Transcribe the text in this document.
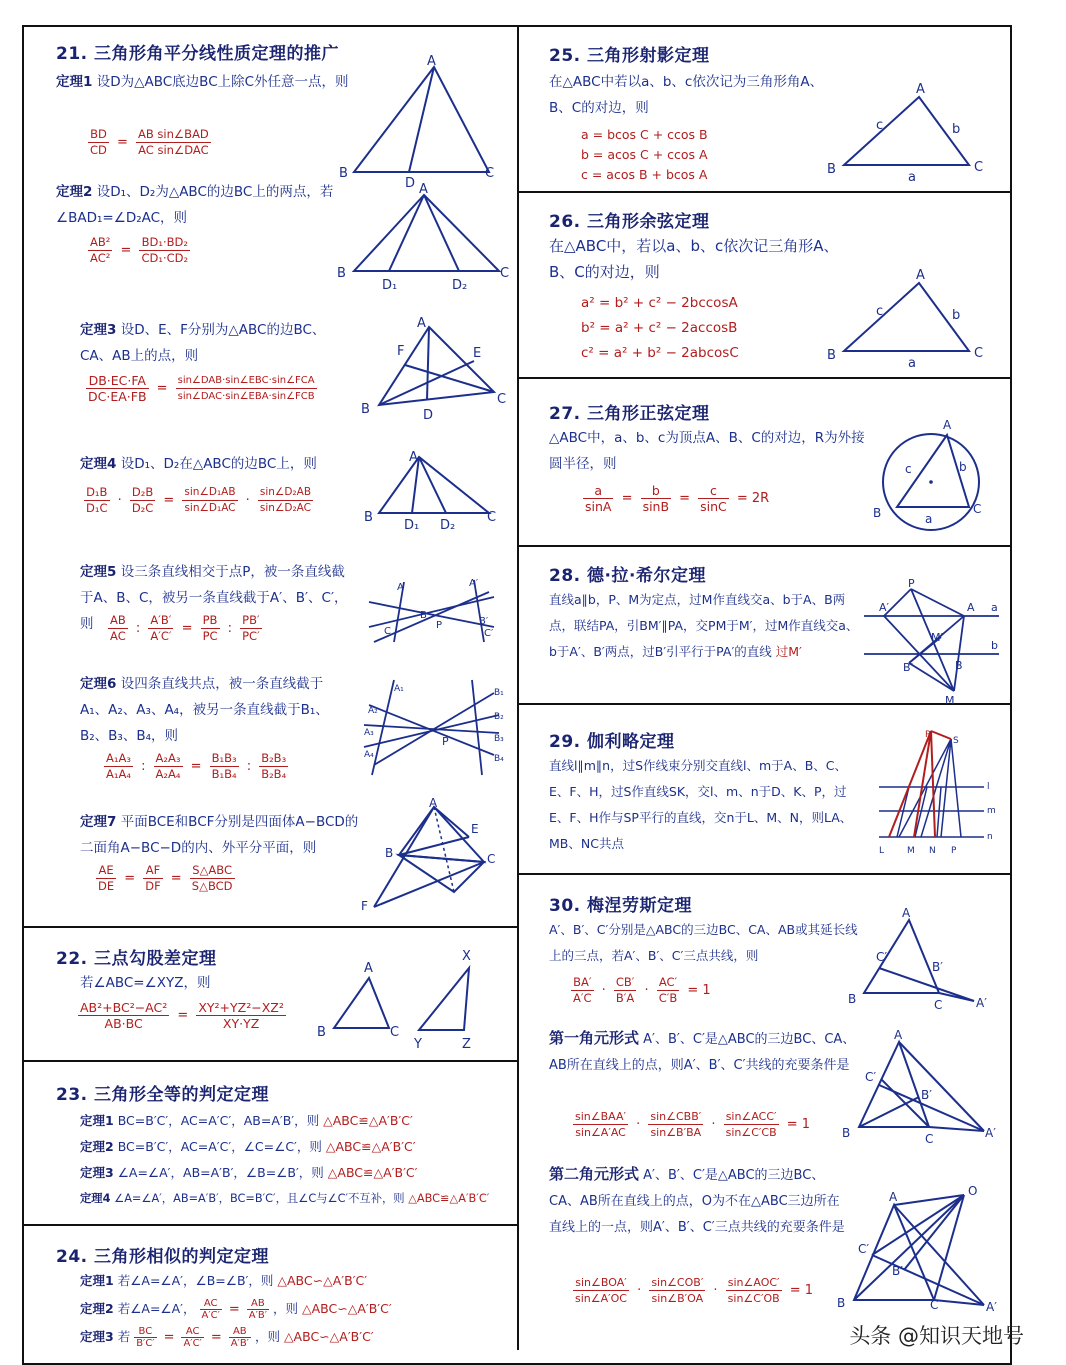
21. 三角形角平分线性质定理的推广
定理1 设D为△ABC底边BC上除C外任意一点，则
$\frac{BD}{CD} = \frac{\text{AB sin∠BAD}}{\text{AC sin∠DAC}}$
A
B
D
C
定理2 设D₁、D₂为△ABC的边BC上的两点，若∠BAD₁=∠D₂AC，则
$\frac{\text{AB²}}{\text{AC²}} = \frac{\text{BD₁·BD₂}}{\text{CD₁·CD₂}}$
A
B
D₁	D₂
C
定理3 设D、E、F分别为△ABC的边BC、CA、AB上的点，则
$\frac{DB\cdot EC\cdot FA}{DC\cdot EA\cdot FB} = \frac{\text{sin∠DAB·sin∠EBC·sin∠FCA}}{\text{sin∠DAC·sin∠EBA·sin∠FCB}}$
A
F	E
B	D
C
定理4 设D₁、D₂在△ABC的边BC上，则
$\frac{\text{D₁B}}{\text{D₁C}} \cdot \frac{\text{D₂B}}{\text{D₂C}} = \frac{\text{sin∠D₁AB}}{\text{sin∠D₁AC}} \cdot \frac{\text{sin∠D₂AB}}{\text{sin∠D₂AC}}$
A
B
D₁ D₂
C
定理5 设三条直线相交于点P，被一条直线截于A、B、C，被另一条直线截于A′、B′、C′，则	$\frac{AB}{AC}$ : $\frac{A'B'}{A'C'} = \frac{PB}{PC}$ : $\frac{PB'}{PC'}$
A	A′
B
B′
C	C′
P
定理6 设四条直线共点，被一条直线截于A₁、A₂、A₃、A₄，被另一条直线截于B₁、B₂、B₃、B₄，则
$\frac{\text{A₁A₃}}{\text{A₁A₄}}$ : $\frac{\text{A₂A₃}}{\text{A₂A₄}} = \frac{\text{B₁B₃}}{\text{B₁B₄}}$ : $\frac{\text{B₂B₃}}{\text{B₂B₄}}$
A₁
A₂
A₃
A₄
B₁
B₂
B₃
B₄
P
定理7 平面BCE和BCF分别是四面体A−BCD的二面角A−BC−D的内、外平分平面，则
$\frac{AE}{DE} = \frac{AF}{DF} = \frac{\text{S△ABC}}{\text{S△BCD}}$
A
E
B	C
F
22. 三点勾股差定理
若∠ABC=∠XYZ，则
$\frac{\text{AB²+BC²−AC²}}{AB\cdot BC} = \frac{\text{XY²+YZ²−XZ²}}{XY\cdot YZ}$
A
B	C
X
Y	Z
23. 三角形全等的判定定理
定理1 BC=B′C′，AC=A′C′，AB=A′B′，则 △ABC≌△A′B′C′
定理2 BC=B′C′，AC=A′C′，∠C=∠C′，则 △ABC≌△A′B′C′
定理3 ∠A=∠A′，AB=A′B′，∠B=∠B′，则 △ABC≌△A′B′C′
定理4 ∠A=∠A′，AB=A′B′，BC=B′C′，且∠C与∠C′不互补，则 △ABC≌△A′B′C′
24. 三角形相似的判定定理
定理1 若∠A=∠A′，∠B=∠B′，则 △ABC∽△A′B′C′
定理2 若∠A=∠A′， $\frac{AC}{A'C'} = \frac{AB}{A'B'}$ ，则 △ABC∽△A′B′C′
定理3 若 $\frac{BC}{B'C'} = \frac{AC}{A'C'} = \frac{AB}{A'B'}$ ，则 △ABC∽△A′B′C′
25. 三角形射影定理
在△ABC中若以a、b、c依次记为三角形角A、B、C的对边，则
a = bcos C + ccos B
b = acos C + ccos A
c = acos B + bcos A
A
B	C
c	b
a
26. 三角形余弦定理
在△ABC中，若以a、b、c依次记三角形A、B、C的对边，则
a² = b² + c² − 2bccosA
b² = a² + c² − 2accosB
c² = a² + b² − 2abcosC
A
B	C
c	b
a
27. 三角形正弦定理
△ABC中，a、b、c为顶点A、B、C的对边，R为外接圆半径，则
$\frac{a}{\sin A} = \frac{b}{\sin B} = \frac{c}{\sin C} = 2R$
A
B	C
c	b
a
28. 德·拉·希尔定理
直线a∥b，P、M为定点，过M作直线交a、b于A、B两点，联结PA，引BM′∥PA，交PM于M′，过M作直线交a、b于A′、B′两点，过B′引平行于PA′的直线 过M′
P
A′	A a
M′
B′	B
b
M
29. 伽利略定理
直线l∥m∥n，过S作线束分别交直线l、m于A、B、C、E、F、H，过S作直线SK，交l、m、n于D、K、P，过E、F、H作与SP平行的直线，交n于L、M、N，则LA、MB、NC共点
S
l
m
n
L	M N P
R
30. 梅涅劳斯定理
A′、B′、C′分别是△ABC的三边BC、CA、AB或其延长线上的三点，若A′、B′、C′三点共线，则
$\frac{BA'}{A'C} \cdot \frac{CB'}{B'A} \cdot \frac{AC'}{C'B} = 1$
A
B	C
C′
B′
A′
第一角元形式 A′、B′、C′是△ABC的三边BC、CA、AB所在直线上的点，则A′、B′、C′共线的充要条件是
$\frac{\text{sin∠BAA′}}{\sin\angle A'AC} \cdot \frac{\text{sin∠CBB′}}{\sin\angle B'BA} \cdot \frac{\text{sin∠ACC′}}{\sin\angle C'CB} = 1$
A
B	C
C′
B′
A′
第二角元形式 A′、B′、C′是△ABC的三边BC、CA、AB所在直线上的点，O为不在△ABC三边所在直线上的一点，则A′、B′、C′三点共线的充要条件是
$\frac{\text{sin∠BOA′}}{\sin\angle A'OC} \cdot \frac{\text{sin∠COB′}}{\sin\angle B'OA} \cdot \frac{\text{sin∠AOC′}}{\sin\angle C'OB} = 1$
A	O
C′
B′
B	C	A′
头条 @知识天地号
